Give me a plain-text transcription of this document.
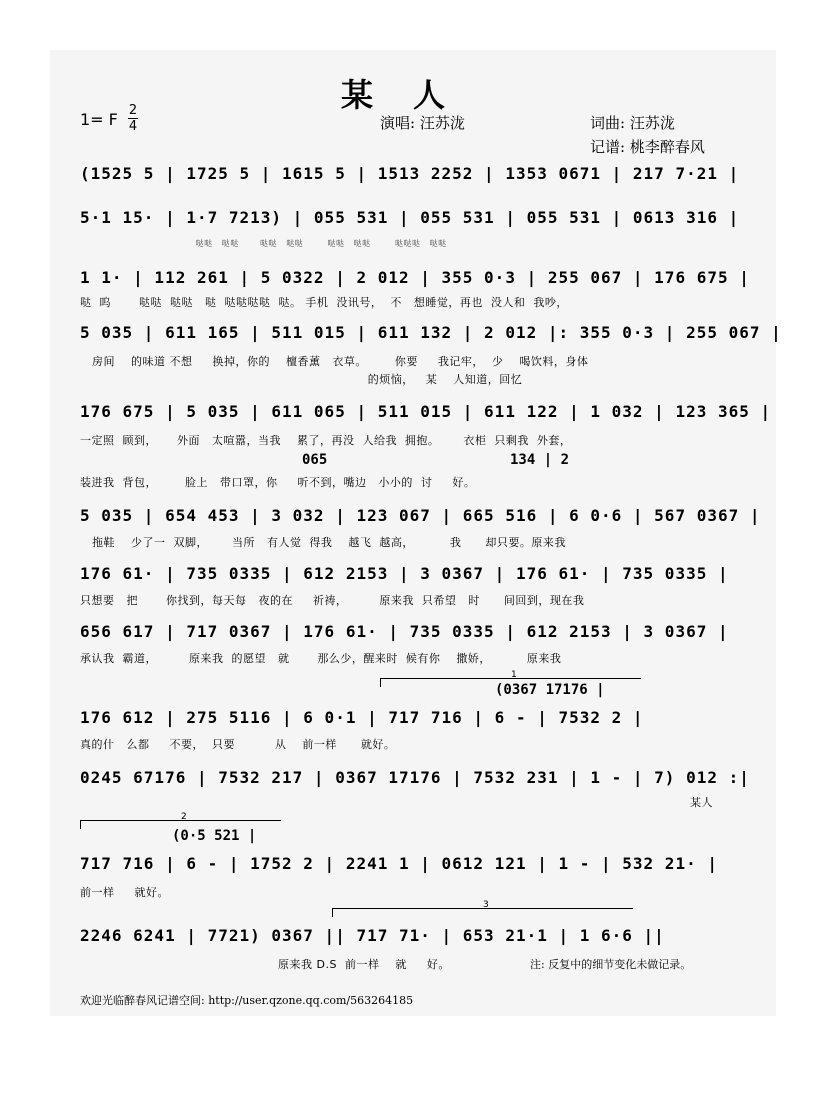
某人
1= F 2
4	演唱: 汪苏泷	词曲: 汪苏泷
记谱: 桃李醉春风
(1525 5 | 1725 5 | 1615 5 | 1513 2252 | 1353 0671 | 217 7·21 |
5·1 15· | 1·7 7213) | 055 531 | 055 531 | 055 531 | 0613 316 |
哒哒   哒哒       哒哒   哒哒        哒哒   哒哒        哒哒哒   哒哒
1 1· | 112 261 | 5 0322 | 2 012 | 355 0·3 | 255 067 | 176 675 |
哒  呜       哒哒  哒哒   哒  哒哒哒哒  哒。 手机  没讯号，  不   想睡觉，再也  没人和  我吵，
5 035 | 611 165 | 511 015 | 611 132 | 2 012 |: 355 0·3 | 255 067 |
房间    的味道 不想     换掉，你的    檀香薰   衣草。       你要     我记牢，  少    喝饮料，身体
的烦恼，   某    人知道，回忆
176 675 | 5 035 | 611 065 | 511 015 | 611 122 | 1 032 | 123 365 |
一定照  顾到，     外面   太喧嚣，当我    累了，再没  人给我  拥抱。      衣柜  只剩我  外套，
065	134 | 2
装进我  背包，       脸上   带口罩，你     听不到，嘴边   小小的  讨     好。
5 035 | 654 453 | 3 032 | 123 067 | 665 516 | 6 0·6 | 567 0367 |
拖鞋    少了一  双脚，      当所   有人觉  得我    越飞  越高，         我      却只要。原来我
176 61· | 735 0335 | 612 2153 | 3 0367 | 176 61· | 735 0335 |
只想要   把       你找到，每天每   夜的在     祈祷，        原来我  只希望   时      间回到，现在我
656 617 | 717 0367 | 176 61· | 735 0335 | 612 2153 | 3 0367 |
承认我  霸道，        原来我  的愿望   就       那么少，醒来时  候有你    撒娇，         原来我
1
(0367 17176 |
176 612 | 275 5116 | 6 0·1 | 717 716 | 6 - | 7532 2 |
真的什   么都     不要，  只要          从    前一样      就好。
0245 67176 | 7532 217 | 0367 17176 | 7532 231 | 1 - | 7) 012 :|
某人
2
(0·5 521 |
717 716 | 6 - | 1752 2 | 2241 1 | 0612 121 | 1 - | 532 21· |
前一样     就好。
3
2246 6241 | 7721) 0367 || 717 71· | 653 21·1 | 1 6·6 ||
原来我 D.S  前一样    就     好。	注: 反复中的细节变化未做记录。
欢迎光临醉春风记谱空间: http://user.qzone.qq.com/563264185
